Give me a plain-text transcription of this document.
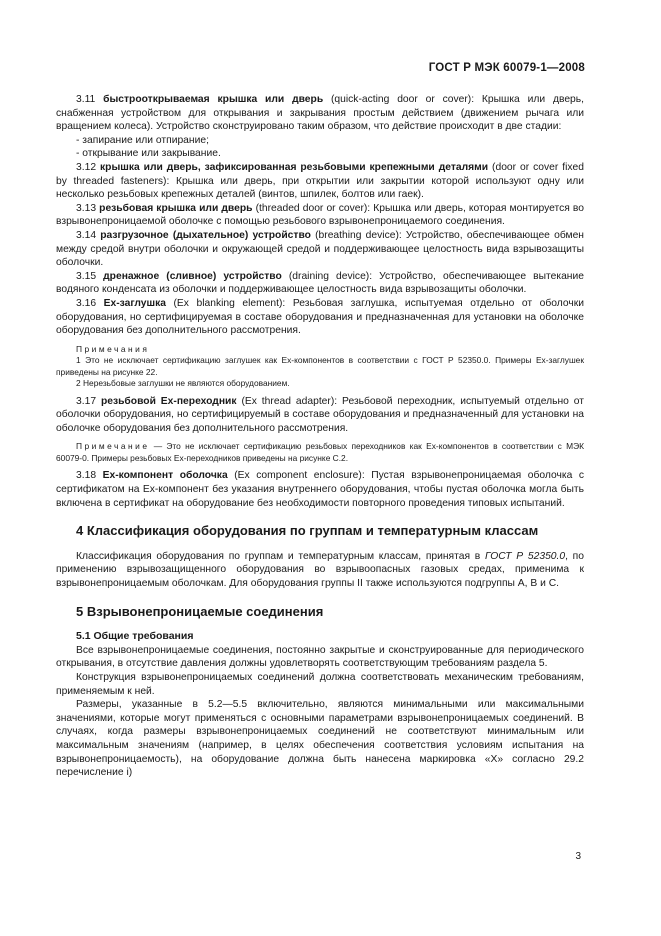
ГОСТ Р МЭК 60079-1—2008

3.11 быстрооткрываемая крышка или дверь (quick-acting door or cover): Крышка или дверь, снабженная устройством для открывания и закрывания простым действием (движением рычага или вращением колеса). Устройство сконструировано таким образом, что действие происходит в две стадии:

- запирание или отпирание;

- открывание или закрывание.

3.12 крышка или дверь, зафиксированная резьбовыми крепежными деталями (door or cover fixed by threaded fasteners): Крышка или дверь, при открытии или закрытии которой используют одну или несколько резьбовых крепежных деталей (винтов, шпилек, болтов или гаек).

3.13 резьбовая крышка или дверь (threaded door or cover): Крышка или дверь, которая монтируется во взрывонепроницаемой оболочке с помощью резьбового взрывонепроницаемого соединения.

3.14 разгрузочное (дыхательное) устройство (breathing device): Устройство, обеспечивающее обмен между средой внутри оболочки и окружающей средой и поддерживающее целостность вида взрывозащиты оболочки.

3.15 дренажное (сливное) устройство (draining device): Устройство, обеспечивающее вытекание водяного конденсата из оболочки и поддерживающее целостность вида взрывозащиты оболочки.

3.16 Ex-заглушка (Ex blanking element): Резьбовая заглушка, испытуемая отдельно от оболочки оборудования, но сертифицируемая в составе оборудования и предназначенная для установки на оболочке оборудования без дополнительного рассмотрения.

Примечания

1 Это не исключает сертификацию заглушек как Ex-компонентов в соответствии с ГОСТ Р 52350.0. Примеры Ex-заглушек приведены на рисунке 22.

2 Нерезьбовые заглушки не являются оборудованием.

3.17 резьбовой Ex-переходник (Ex thread adapter): Резьбовой переходник, испытуемый отдельно от оболочки оборудования, но сертифицируемый в составе оборудования и предназначенный для установки на оболочке оборудования без дополнительного рассмотрения.

Примечание — Это не исключает сертификацию резьбовых переходников как Ex-компонентов в соответствии с МЭК 60079-0. Примеры резьбовых Ex-переходников приведены на рисунке С.2.

3.18 Ex-компонент оболочка (Ex component enclosure): Пустая взрывонепроницаемая оболочка с сертификатом на Ex-компонент без указания внутреннего оборудования, чтобы пустая оболочка могла быть включена в сертификат на оборудование без необходимости повторного проведения типовых испытаний.

4 Классификация оборудования по группам и температурным классам

Классификация оборудования по группам и температурным классам, принятая в ГОСТ Р 52350.0, по применению взрывозащищенного оборудования во взрывоопасных газовых средах, применима к взрывонепроницаемым оболочкам. Для оборудования группы II также используются подгруппы А, В и С.

5 Взрывонепроницаемые соединения
5.1 Общие требования

Все взрывонепроницаемые соединения, постоянно закрытые и сконструированные для периодического открывания, в отсутствие давления должны удовлетворять соответствующим требованиям раздела 5.

Конструкция взрывонепроницаемых соединений должна соответствовать механическим требованиям, применяемым к ней.

Размеры, указанные в 5.2—5.5 включительно, являются минимальными или максимальными значениями, которые могут применяться с основными параметрами взрывонепроницаемых соединений. В случаях, когда размеры взрывонепроницаемых соединений не соответствуют минимальным или максимальным значениям (например, в целях обеспечения соответствия условиям испытания на взрывонепроницаемость), на оборудование должна быть нанесена маркировка «Х» согласно 29.2 перечисление i)

3
